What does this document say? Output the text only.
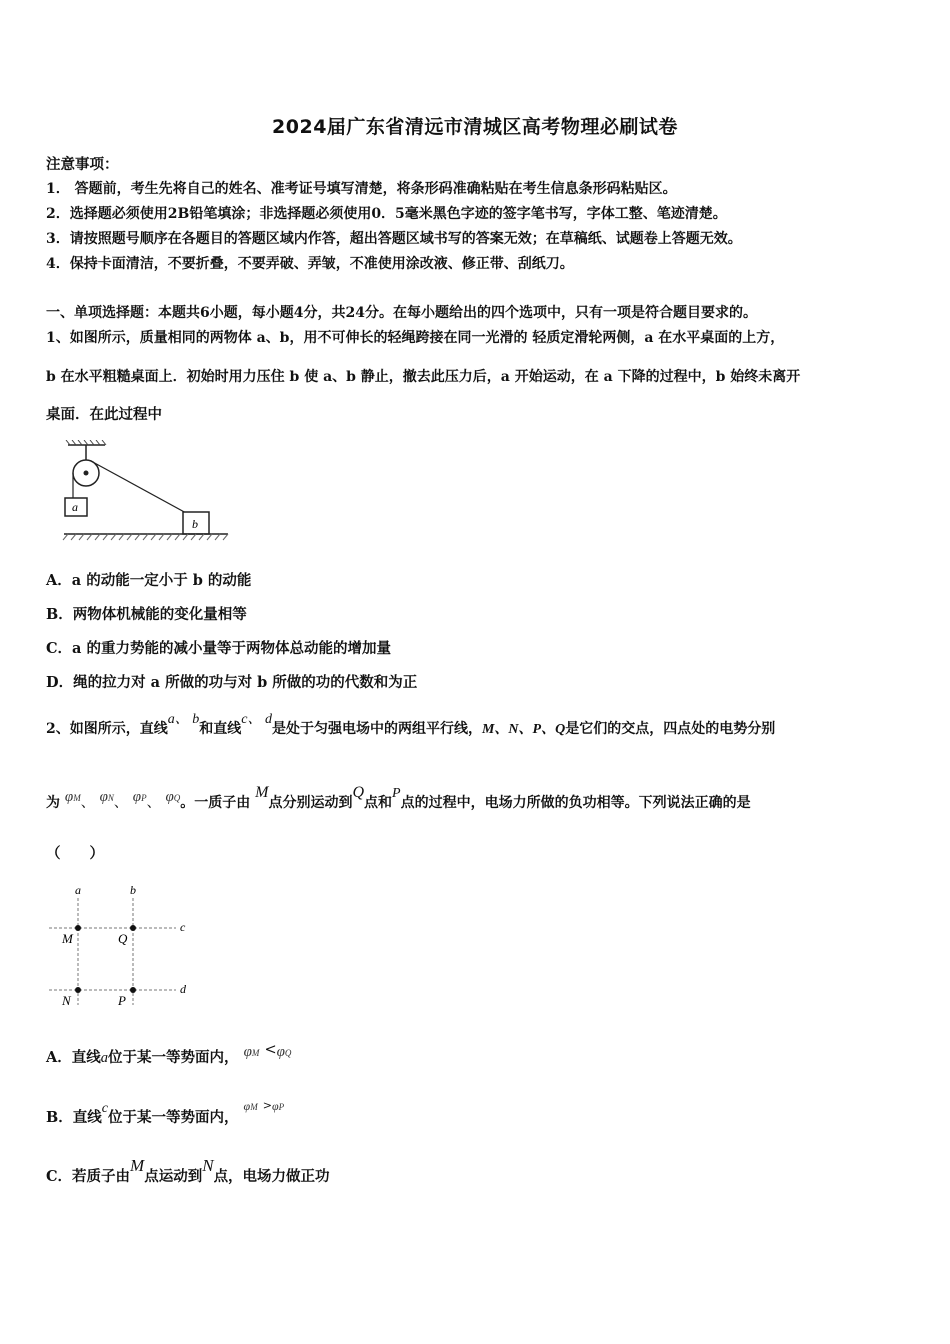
2024届广东省清远市清城区高考物理必刷试卷
注意事项：
1． 答题前，考生先将自己的姓名、准考证号填写清楚，将条形码准确粘贴在考生信息条形码粘贴区。
2．选择题必须使用2B铅笔填涂；非选择题必须使用0．5毫米黑色字迹的签字笔书写，字体工整、笔迹清楚。
3．请按照题号顺序在各题目的答题区域内作答，超出答题区域书写的答案无效；在草稿纸、试题卷上答题无效。
4．保持卡面清洁，不要折叠，不要弄破、弄皱，不准使用涂改液、修正带、刮纸刀。
一、单项选择题：本题共6小题，每小题4分，共24分。在每小题给出的四个选项中，只有一项是符合题目要求的。
1、如图所示，质量相同的两物体 a、b，用不可伸长的轻绳跨接在同一光滑的 轻质定滑轮两侧，a 在水平桌面的上方，
b 在水平粗糙桌面上．初始时用力压住 b 使 a、b 静止，撤去此压力后，a 开始运动，在 a 下降的过程中，b 始终未离开
桌面．在此过程中
a
b
A．a 的动能一定小于 b 的动能
B．两物体机械能的变化量相等
C．a 的重力势能的减小量等于两物体总动能的增加量
D．绳的拉力对 a 所做的功与对 b 所做的功的代数和为正
2、如图所示，直线a、 b和直线c、 d是处于匀强电场中的两组平行线，M、N、P、Q是它们的交点，四点处的电势分别
为 φM、 φN、 φP、 φQ。一质子由 M点分别运动到Q点和P点的过程中，电场力所做的负功相等。下列说法正确的是
（　　）
a	b
c
d
M	Q
N	P
A．直线a位于某一等势面内， φM <φQ
B．直线c位于某一等势面内， $^{\varphi M}$ $^{>\varphi P}$
C．若质子由M点运动到N点，电场力做正功
